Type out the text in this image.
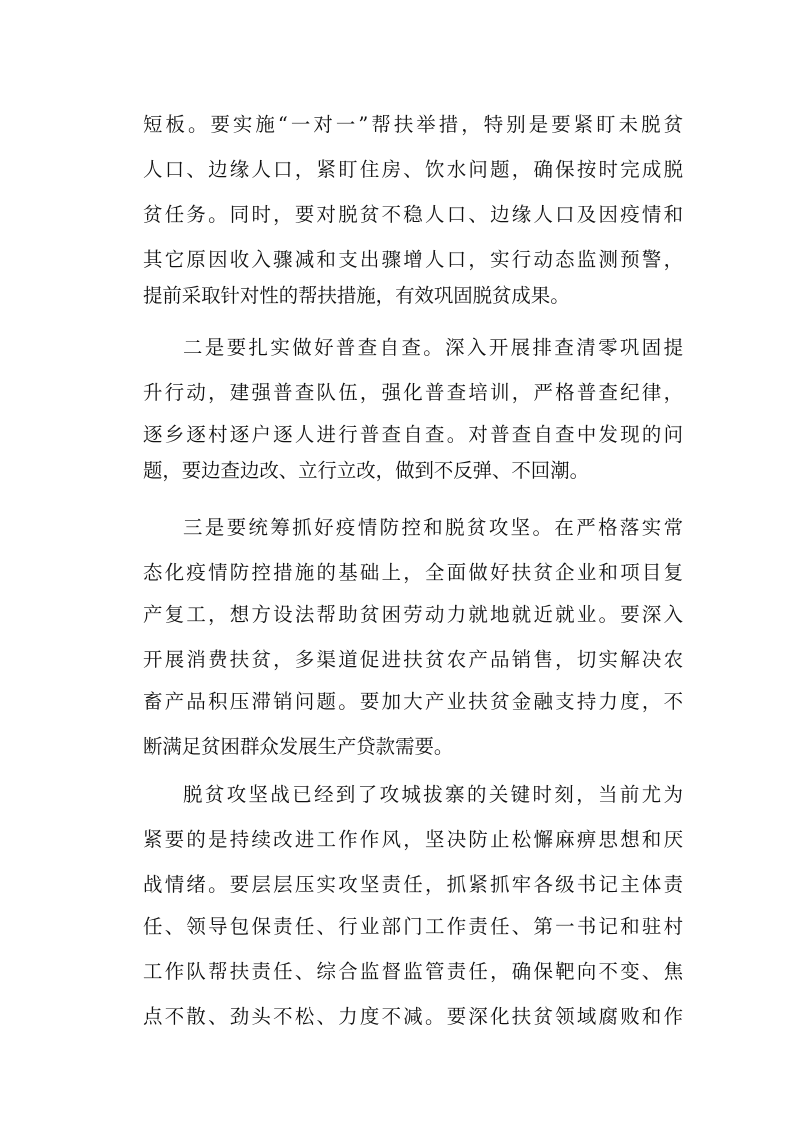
短板。要实施“一对一”帮扶举措，特别是要紧盯未脱贫
人口、边缘人口，紧盯住房、饮水问题，确保按时完成脱
贫任务。同时，要对脱贫不稳人口、边缘人口及因疫情和
其它原因收入骤减和支出骤增人口，实行动态监测预警，
提前采取针对性的帮扶措施，有效巩固脱贫成果。
二是要扎实做好普查自查。深入开展排查清零巩固提
升行动，建强普查队伍，强化普查培训，严格普查纪律，
逐乡逐村逐户逐人进行普查自查。对普查自查中发现的问
题，要边查边改、立行立改，做到不反弹、不回潮。
三是要统筹抓好疫情防控和脱贫攻坚。在严格落实常
态化疫情防控措施的基础上，全面做好扶贫企业和项目复
产复工，想方设法帮助贫困劳动力就地就近就业。要深入
开展消费扶贫，多渠道促进扶贫农产品销售，切实解决农
畜产品积压滞销问题。要加大产业扶贫金融支持力度，不
断满足贫困群众发展生产贷款需要。
脱贫攻坚战已经到了攻城拔寨的关键时刻，当前尤为
紧要的是持续改进工作作风，坚决防止松懈麻痹思想和厌
战情绪。要层层压实攻坚责任，抓紧抓牢各级书记主体责
任、领导包保责任、行业部门工作责任、第一书记和驻村
工作队帮扶责任、综合监督监管责任，确保靶向不变、焦
点不散、劲头不松、力度不减。要深化扶贫领域腐败和作
